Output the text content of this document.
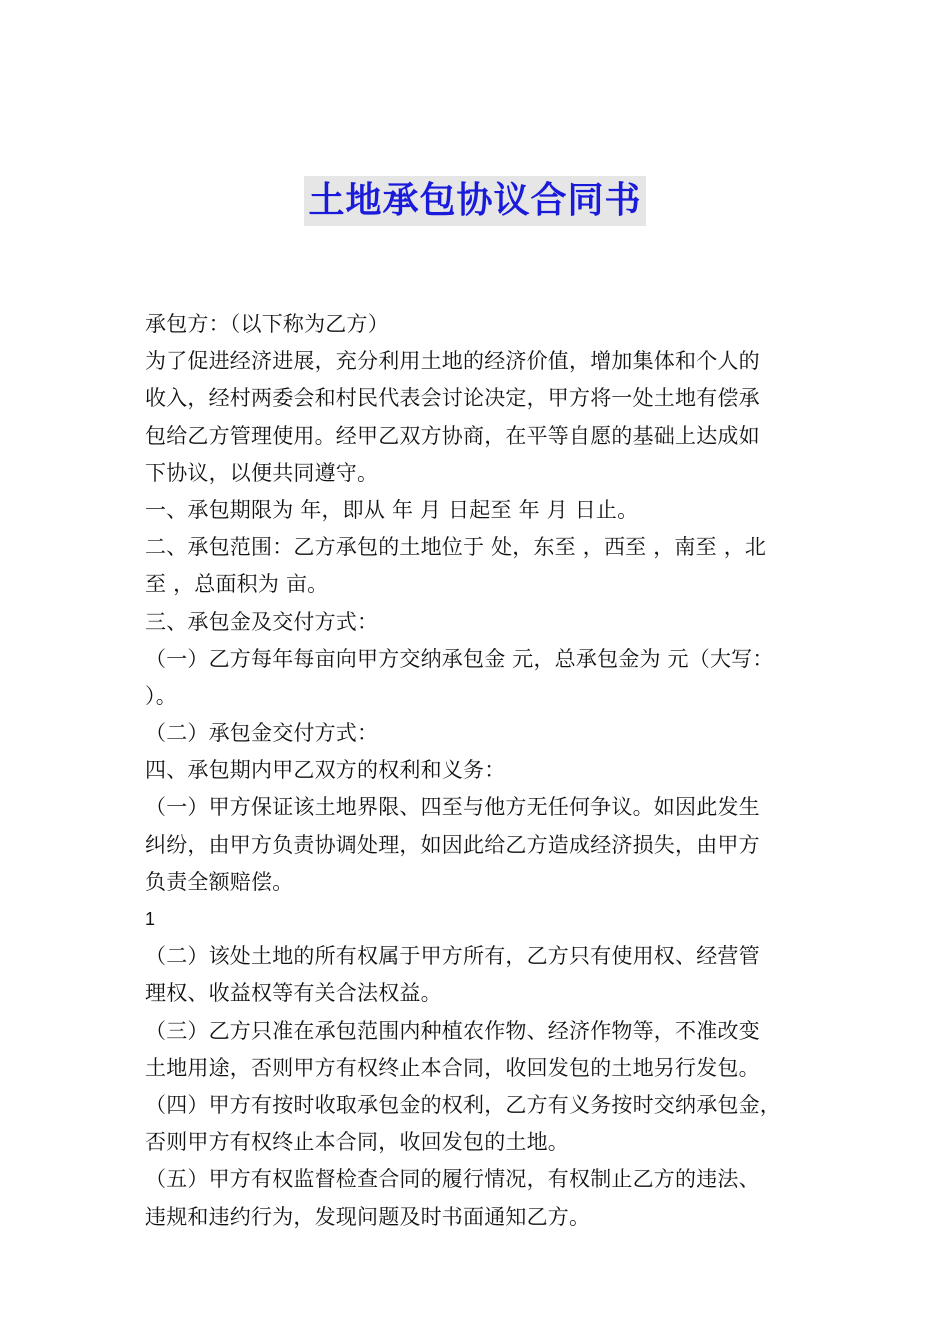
土地承包协议合同书
承包方：（以下称为乙方）
为了促进经济进展，充分利用土地的经济价值，增加集体和个人的
收入，经村两委会和村民代表会讨论决定，甲方将一处土地有偿承
包给乙方管理使用。经甲乙双方协商，在平等自愿的基础上达成如
下协议，以便共同遵守。
一、承包期限为 年，即从 年 月 日起至 年 月 日止。
二、承包范围：乙方承包的土地位于 处，东至 ，西至 ，南至 ，北
至 ，总面积为 亩。
三、承包金及交付方式：
（一）乙方每年每亩向甲方交纳承包金 元，总承包金为 元（大写：
）。
（二）承包金交付方式：
四、承包期内甲乙双方的权利和义务：
（一）甲方保证该土地界限、四至与他方无任何争议。如因此发生
纠纷，由甲方负责协调处理，如因此给乙方造成经济损失，由甲方
负责全额赔偿。
1
（二）该处土地的所有权属于甲方所有，乙方只有使用权、经营管
理权、收益权等有关合法权益。
（三）乙方只准在承包范围内种植农作物、经济作物等，不准改变
土地用途，否则甲方有权终止本合同，收回发包的土地另行发包。
（四）甲方有按时收取承包金的权利，乙方有义务按时交纳承包金，
否则甲方有权终止本合同，收回发包的土地。
（五）甲方有权监督检查合同的履行情况，有权制止乙方的违法、
违规和违约行为，发现问题及时书面通知乙方。
